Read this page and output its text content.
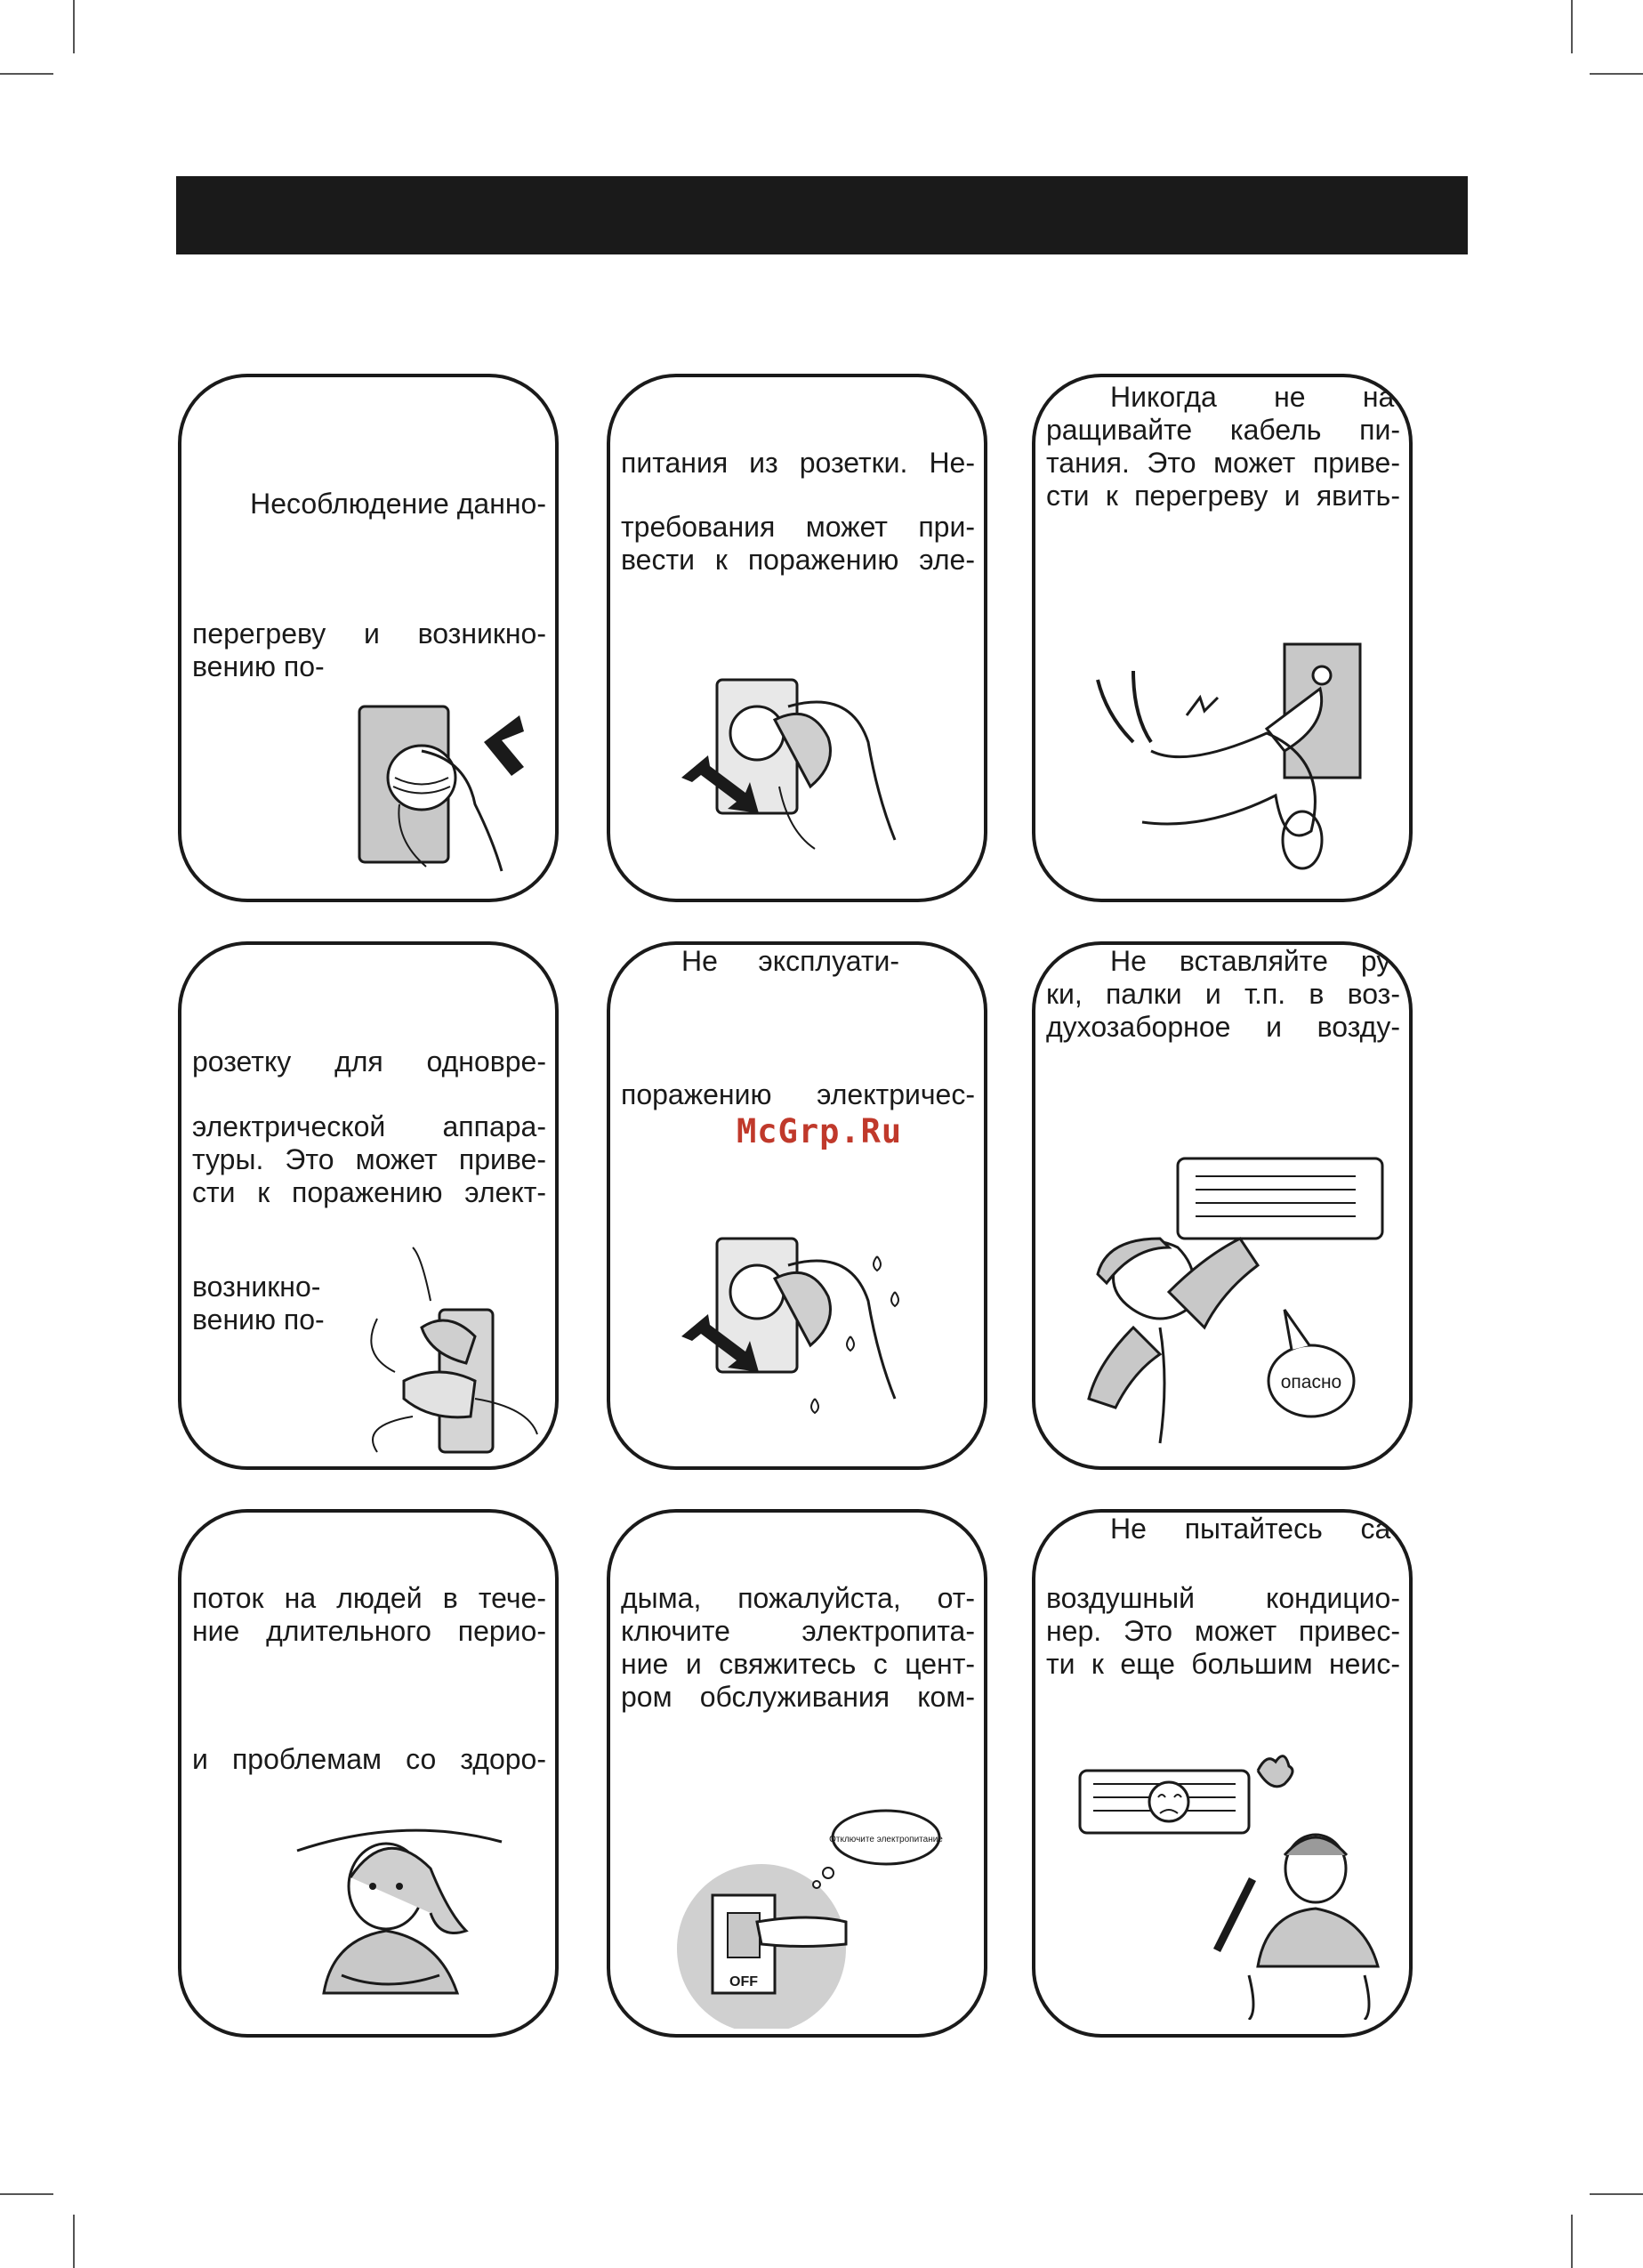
Несоблюдение данно-

перегреву и возникно-

вению по-

питания из розетки. Не-

требования может при-

вести к поражению эле-

Никогда не на-

ращивайте кабель пи-

тания. Это может приве-

сти к перегреву и явить-

розетку для одновре-

электрической аппара-

туры. Это может приве-

сти к поражению элект-

возникно-

вению по-

Не эксплуати-

поражению электричес-

Не вставляйте ру-

ки, палки и т.п. в воз-

духозаборное и возду-

опасно

поток на людей в тече-

ние длительного перио-

и проблемам со здоро-

дыма, пожалуйста, от-

ключите электропита-

ние и свяжитесь с цент-

ром обслуживания ком-

OFF
Отключите электропитание

Не пытайтесь са-

воздушный кондицио-

нер. Это может привес-

ти к еще большим неис-

McGrp.Ru
